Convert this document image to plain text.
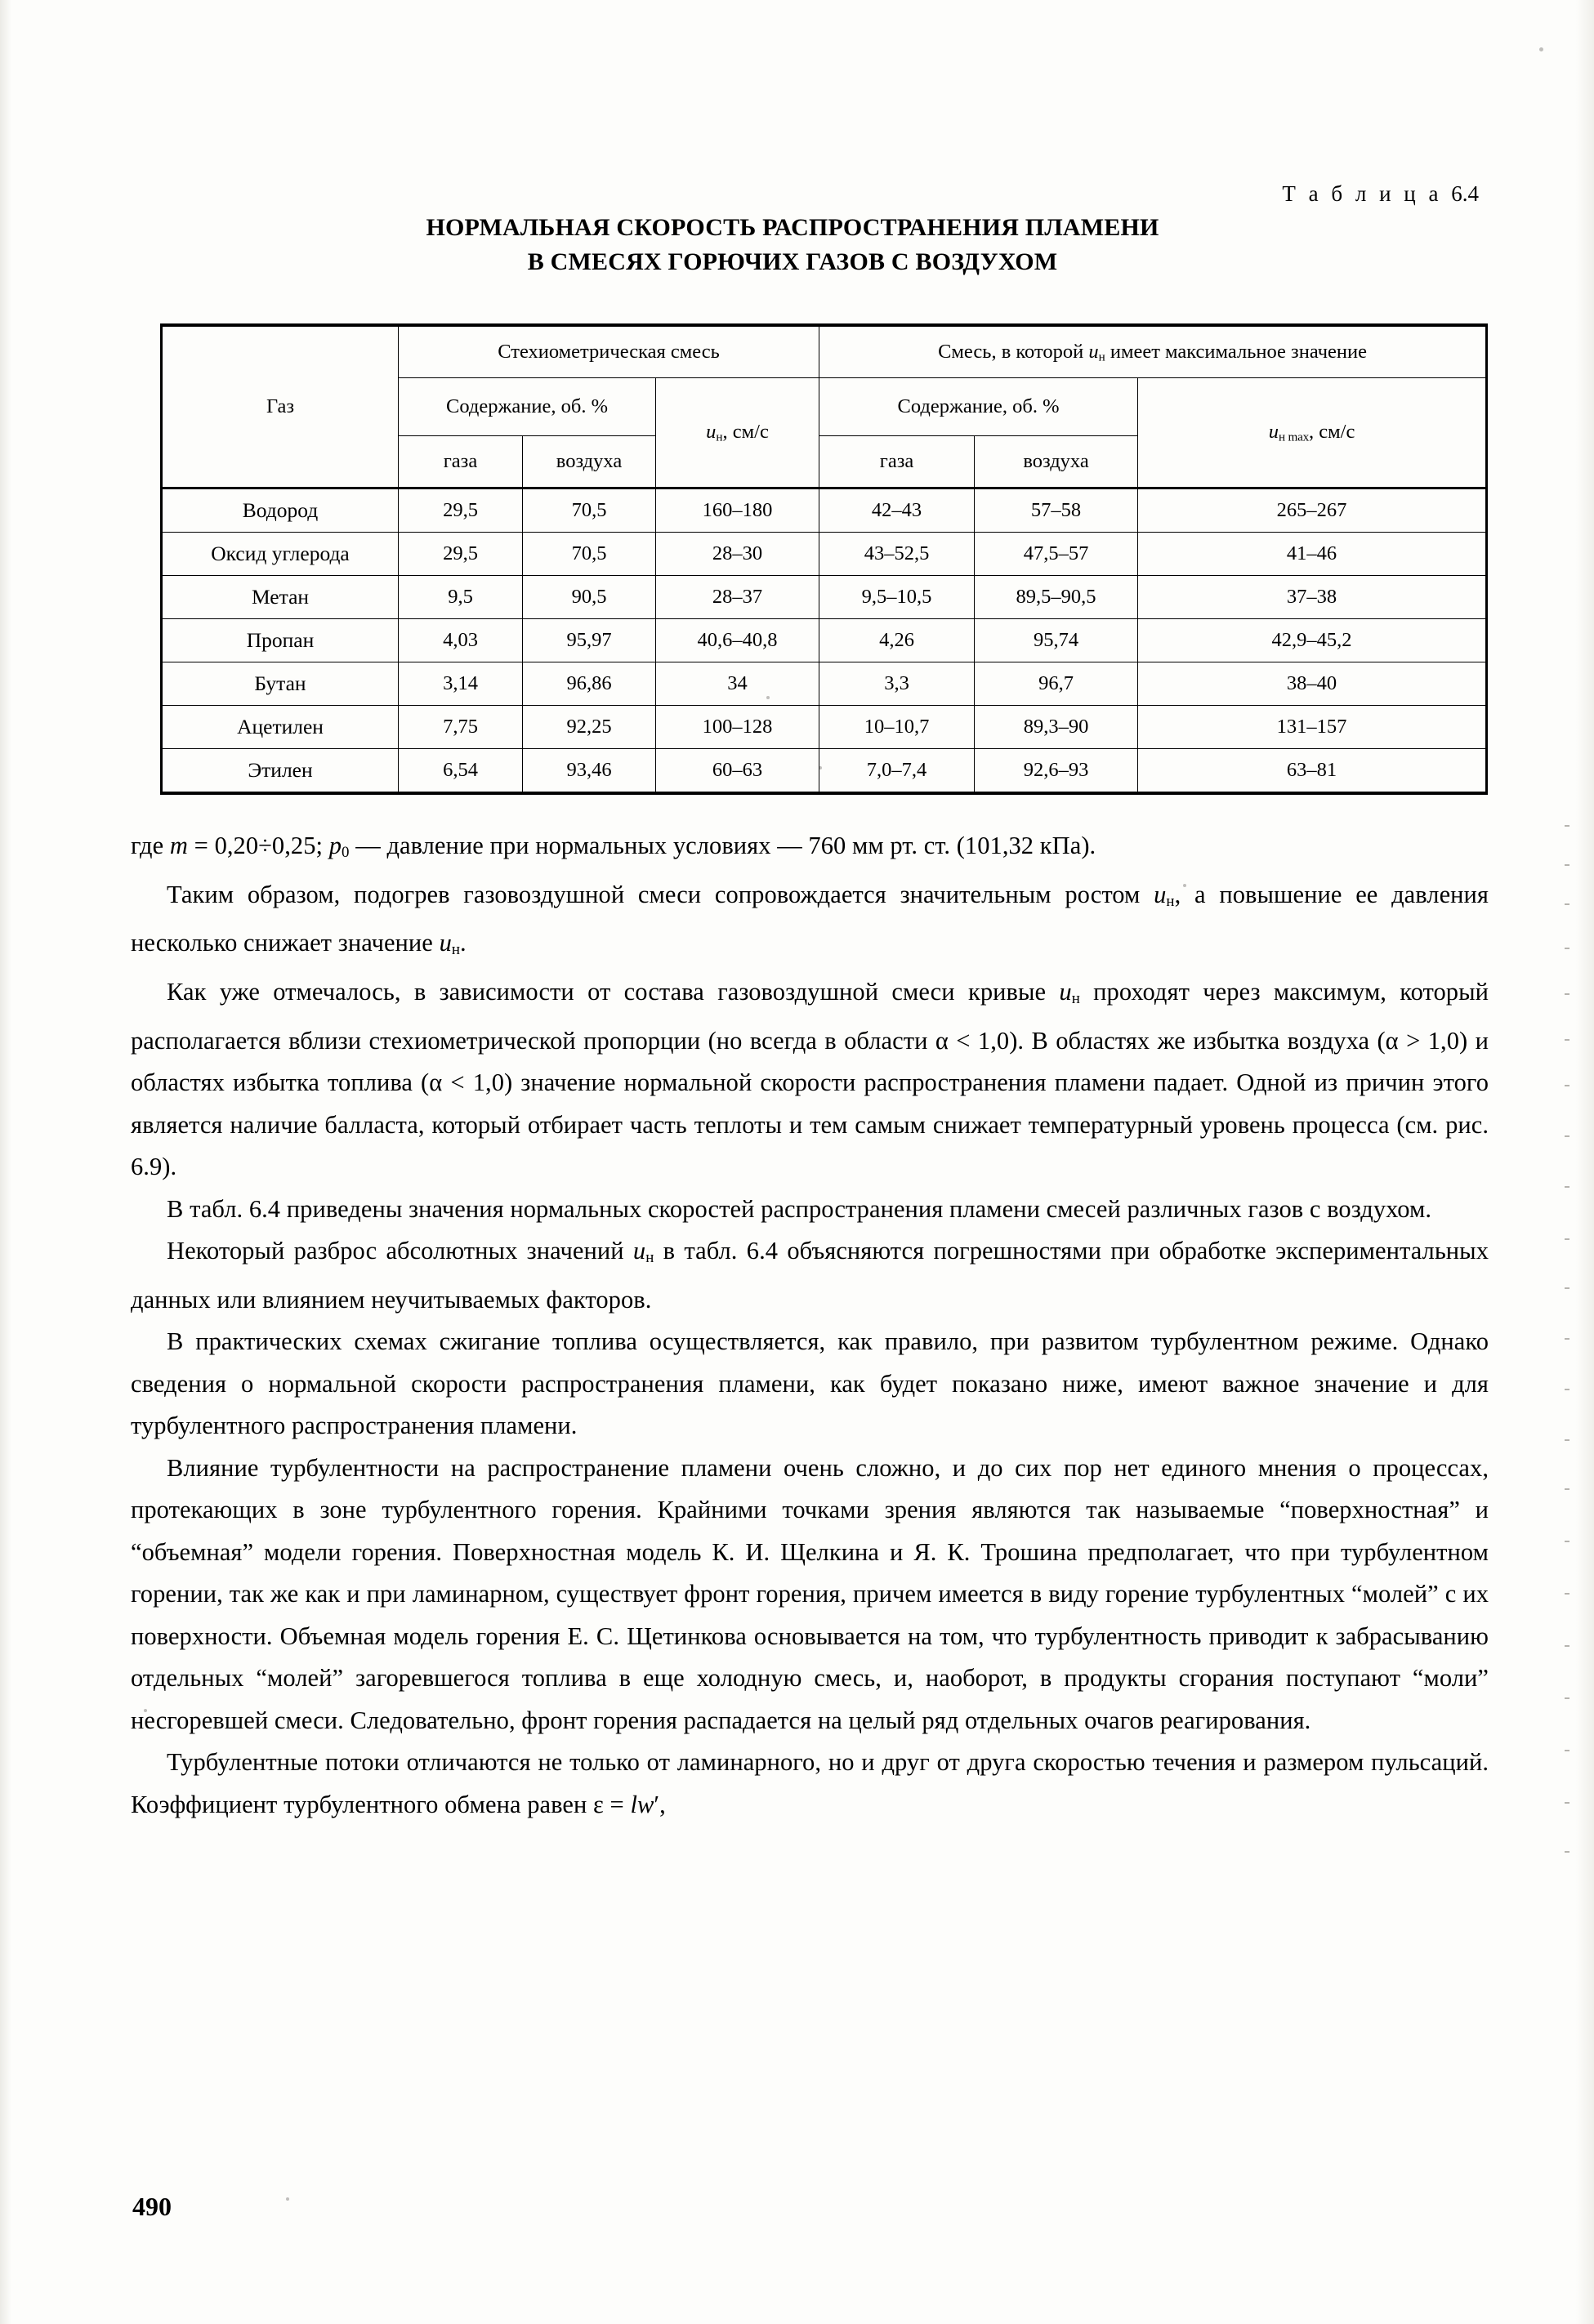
Т а б л и ц а 6.4
НОРМАЛЬНАЯ СКОРОСТЬ РАСПРОСТРАНЕНИЯ ПЛАМЕНИ
В СМЕСЯХ ГОРЮЧИХ ГАЗОВ С ВОЗДУХОМ
Газ	Стехиометрическая смесь			Смесь, в которой $u_н$ имеет максимальное значение		
	Содержание, об. %		$u_н$, см/с	Содержание, об. %		uн max, см/с
	газа	воздуха		газа	воздуха	
Водород	29,5	70,5	160–180	42–43	57–58	265–267
Оксид углерода	29,5	70,5	28–30	43–52,5	47,5–57	41–46
Метан	9,5	90,5	28–37	9,5–10,5	89,5–90,5	37–38
Пропан	4,03	95,97	40,6–40,8	4,26	95,74	42,9–45,2
Бутан	3,14	96,86	34	3,3	96,7	38–40
Ацетилен	7,75	92,25	100–128	10–10,7	89,3–90	131–157
Этилен	6,54	93,46	60–63	7,0–7,4	92,6–93	63–81

где m = 0,20÷0,25; $p_0$ — давление при нормальных условиях — 760 мм рт. ст. (101,32 кПа).

Таким образом, подогрев газовоздушной смеси сопровождается значительным ростом $u_н$, а повышение ее давления несколько снижает значение $u_н$.

Как уже отмечалось, в зависимости от состава газовоздушной смеси кривые $u_н$ проходят через максимум, который располагается вблизи стехиометрической пропорции (но всегда в области α < 1,0). В областях же избытка воздуха (α > 1,0) и областях избытка топлива (α < 1,0) значение нормальной скорости распространения пламени падает. Одной из причин этого является наличие балласта, который отбирает часть теплоты и тем самым снижает температурный уровень процесса (см. рис. 6.9).

В табл. 6.4 приведены значения нормальных скоростей распространения пламени смесей различных газов с воздухом.

Некоторый разброс абсолютных значений $u_н$ в табл. 6.4 объясняются погрешностями при обработке экспериментальных данных или влиянием неучитываемых факторов.

В практических схемах сжигание топлива осуществляется, как правило, при развитом турбулентном режиме. Однако сведения о нормальной скорости распространения пламени, как будет показано ниже, имеют важное значение и для турбулентного распространения пламени.

Влияние турбулентности на распространение пламени очень сложно, и до сих пор нет единого мнения о процессах, протекающих в зоне турбулентного горения. Крайними точками зрения являются так называемые “поверхностная” и “объемная” модели горения. Поверхностная модель К. И. Щелкина и Я. К. Трошина предполагает, что при турбулентном горении, так же как и при ламинарном, существует фронт горения, причем имеется в виду горение турбулентных “молей” с их поверхности. Объемная модель горения Е. С. Щетинкова основывается на том, что турбулентность приводит к забрасыванию отдельных “молей” загоревшегося топлива в еще холодную смесь, и, наоборот, в продукты сгорания поступают “моли” несгоревшей смеси. Следовательно, фронт горения распадается на целый ряд отдельных очагов реагирования.

Турбулентные потоки отличаются не только от ламинарного, но и друг от друга скоростью течения и размером пульсаций. Коэффициент турбулентного обмена равен ε = lw′,

490
